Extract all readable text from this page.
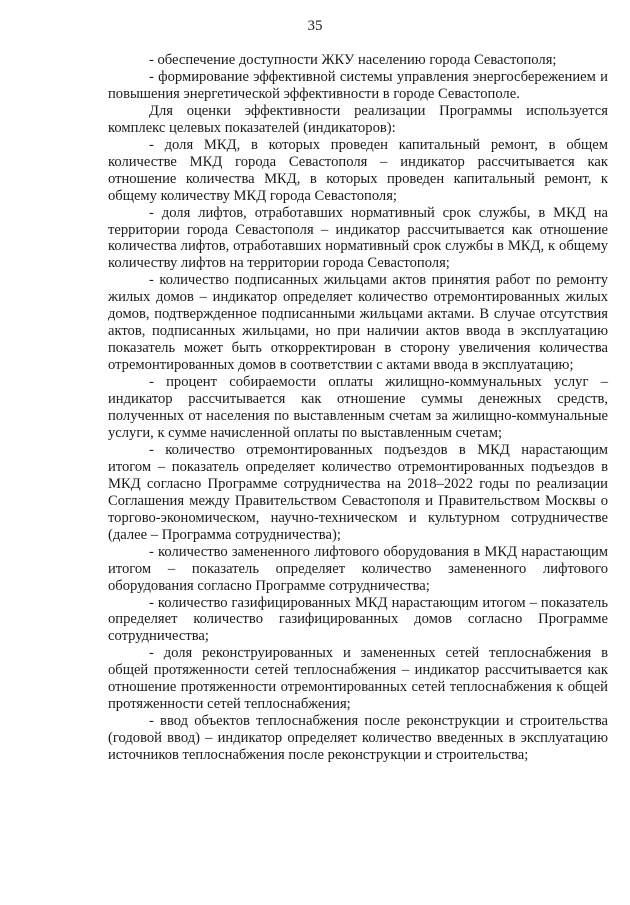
35

- обеспечение доступности ЖКУ населению города Севастополя;

- формирование эффективной системы управления энергосбережением и повышения энергетической эффективности в городе Севастополе.

Для оценки эффективности реализации Программы используется комплекс целевых показателей (индикаторов):

- доля МКД, в которых проведен капитальный ремонт, в общем количестве МКД города Севастополя – индикатор рассчитывается как отношение количества МКД, в которых проведен капитальный ремонт, к общему количеству МКД города Севастополя;

- доля лифтов, отработавших нормативный срок службы, в МКД на территории города Севастополя – индикатор рассчитывается как отношение количества лифтов, отработавших нормативный срок службы в МКД, к общему количеству лифтов на территории города Севастополя;

- количество подписанных жильцами актов принятия работ по ремонту жилых домов – индикатор определяет количество отремонтированных жилых домов, подтвержденное подписанными жильцами актами. В случае отсутствия актов, подписанных жильцами, но при наличии актов ввода в эксплуатацию показатель может быть откорректирован в сторону увеличения количества отремонтированных домов в соответствии с актами ввода в эксплуатацию;

- процент собираемости оплаты жилищно-коммунальных услуг – индикатор рассчитывается как отношение суммы денежных средств, полученных от населения по выставленным счетам за жилищно-коммунальные услуги, к сумме начисленной оплаты по выставленным счетам;

- количество отремонтированных подъездов в МКД нарастающим итогом – показатель определяет количество отремонтированных подъездов в МКД согласно Программе сотрудничества на 2018–2022 годы по реализации Соглашения между Правительством Севастополя и Правительством Москвы о торгово-экономическом, научно-техническом и культурном сотрудничестве (далее – Программа сотрудничества);

- количество замененного лифтового оборудования в МКД нарастающим итогом – показатель определяет количество замененного лифтового оборудования согласно Программе сотрудничества;

- количество газифицированных МКД нарастающим итогом – показатель определяет количество газифицированных домов согласно Программе сотрудничества;

- доля реконструированных и замененных сетей теплоснабжения в общей протяженности сетей теплоснабжения – индикатор рассчитывается как отношение протяженности отремонтированных сетей теплоснабжения к общей протяженности сетей теплоснабжения;

- ввод объектов теплоснабжения после реконструкции и строительства (годовой ввод) – индикатор определяет количество введенных в эксплуатацию источников теплоснабжения после реконструкции и строительства;
